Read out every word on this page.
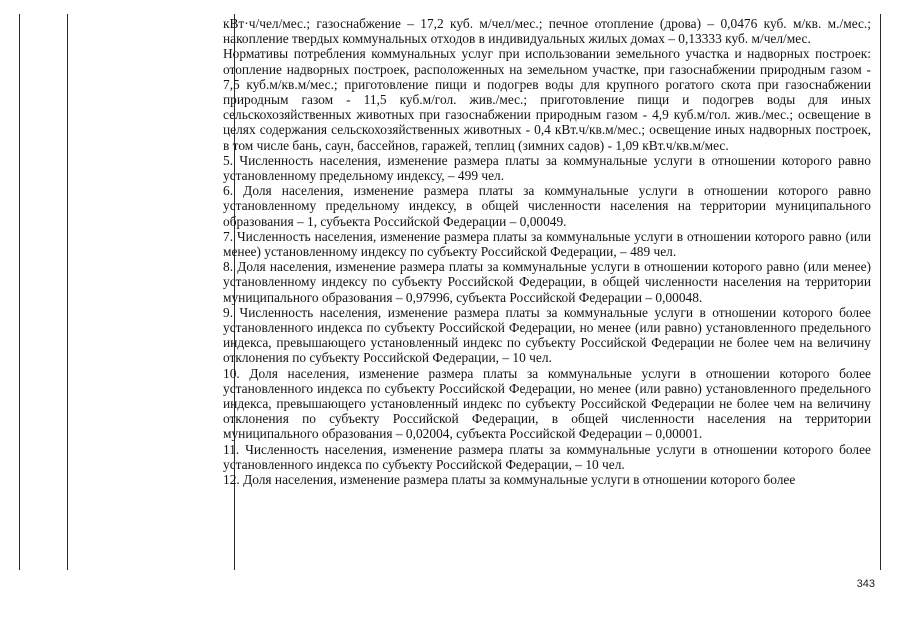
кВт·ч/чел/мес.; газоснабжение – 17,2 куб. м/чел/мес.; печное отопление (дрова) – 0,0476 куб. м/кв. м./мес.; накопление твердых коммунальных отходов в индивидуальных жилых домах – 0,13333 куб. м/чел/мес.

Нормативы потребления коммунальных услуг при использовании земельного участка и надворных построек: отопление надворных построек, расположенных на земельном участке, при газоснабжении природным газом - 7,5 куб.м/кв.м/мес.; приготовление пищи и подогрев воды для крупного рогатого скота при газоснабжении природным газом - 11,5 куб.м/гол. жив./мес.; приготовление пищи и подогрев воды для иных сельскохозяйственных животных при газоснабжении природным газом - 4,9 куб.м/гол. жив./мес.; освещение в целях содержания сельскохозяйственных животных - 0,4 кВт.ч/кв.м/мес.; освещение иных надворных построек, в том числе бань, саун, бассейнов, гаражей, теплиц (зимних садов) - 1,09 кВт.ч/кв.м/мес.

5. Численность населения, изменение размера платы за коммунальные услуги в отношении которого равно установленному предельному индексу, – 499 чел.

6. Доля населения, изменение размера платы за коммунальные услуги в отношении которого равно установленному предельному индексу, в общей численности населения на территории муниципального образования – 1, субъекта Российской Федерации – 0,00049.

7. Численность населения, изменение размера платы за коммунальные услуги в отношении которого равно (или менее) установленному индексу по субъекту Российской Федерации, – 489 чел.

8. Доля населения, изменение размера платы за коммунальные услуги в отношении которого равно (или менее) установленному индексу по субъекту Российской Федерации, в общей численности населения на территории муниципального образования – 0,97996, субъекта Российской Федерации – 0,00048.

9. Численность населения, изменение размера платы за коммунальные услуги в отношении которого более установленного индекса по субъекту Российской Федерации, но менее (или равно) установленного предельного индекса, превышающего установленный индекс по субъекту Российской Федерации не более чем на величину отклонения по субъекту Российской Федерации, – 10 чел.

10. Доля населения, изменение размера платы за коммунальные услуги в отношении которого более установленного индекса по субъекту Российской Федерации, но менее (или равно) установленного предельного индекса, превышающего установленный индекс по субъекту Российской Федерации не более чем на величину отклонения по субъекту Российской Федерации, в общей численности населения на территории муниципального образования – 0,02004, субъекта Российской Федерации – 0,00001.

11. Численность населения, изменение размера платы за коммунальные услуги в отношении которого более установленного индекса по субъекту Российской Федерации, – 10 чел.

12. Доля населения, изменение размера платы за коммунальные услуги в отношении которого более

343
